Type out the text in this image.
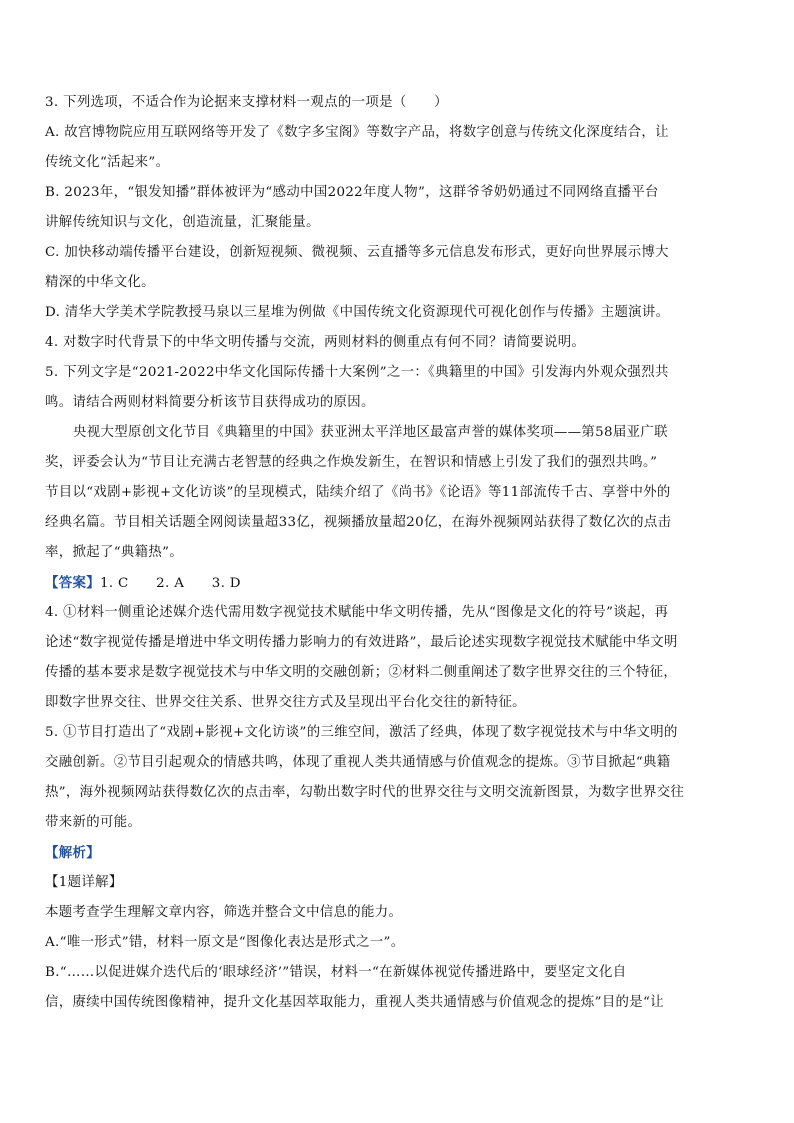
3. 下列选项，不适合作为论据来支撑材料一观点的一项是（　　）
A. 故宫博物院应用互联网络等开发了《数字多宝阁》等数字产品，将数字创意与传统文化深度结合，让
传统文化“活起来”。
B. 2023年，“银发知播”群体被评为“感动中国2022年度人物”，这群爷爷奶奶通过不同网络直播平台
讲解传统知识与文化，创造流量，汇聚能量。
C. 加快移动端传播平台建设，创新短视频、微视频、云直播等多元信息发布形式，更好向世界展示博大
精深的中华文化。
D. 清华大学美术学院教授马泉以三星堆为例做《中国传统文化资源现代可视化创作与传播》主题演讲。
4. 对数字时代背景下的中华文明传播与交流，两则材料的侧重点有何不同？请简要说明。
5. 下列文字是“2021-2022中华文化国际传播十大案例”之一：《典籍里的中国》引发海内外观众强烈共
鸣。请结合两则材料简要分析该节目获得成功的原因。
央视大型原创文化节目《典籍里的中国》获亚洲太平洋地区最富声誉的媒体奖项——第58届亚广联
奖，评委会认为“节目让充满古老智慧的经典之作焕发新生，在智识和情感上引发了我们的强烈共鸣。”
节目以“戏剧+影视+文化访谈”的呈现模式，陆续介绍了《尚书》《论语》等11部流传千古、享誉中外的
经典名篇。节目相关话题全网阅读量超33亿，视频播放量超20亿，在海外视频网站获得了数亿次的点击
率，掀起了“典籍热”。
【答案】1. C　　2. A　　3. D
4. ①材料一侧重论述媒介迭代需用数字视觉技术赋能中华文明传播，先从“图像是文化的符号”谈起，再
论述“数字视觉传播是增进中华文明传播力影响力的有效进路”，最后论述实现数字视觉技术赋能中华文明
传播的基本要求是数字视觉技术与中华文明的交融创新；②材料二侧重阐述了数字世界交往的三个特征，
即数字世界交往、世界交往关系、世界交往方式及呈现出平台化交往的新特征。
5. ①节目打造出了“戏剧+影视+文化访谈”的三维空间，激活了经典，体现了数字视觉技术与中华文明的
交融创新。②节目引起观众的情感共鸣，体现了重视人类共通情感与价值观念的提炼。③节目掀起“典籍
热”，海外视频网站获得数亿次的点击率，勾勒出数字时代的世界交往与文明交流新图景，为数字世界交往
带来新的可能。
【解析】
【1题详解】
本题考查学生理解文章内容，筛选并整合文中信息的能力。
A.“唯一形式”错，材料一原文是“图像化表达是形式之一”。
B.“……以促进媒介迭代后的‘眼球经济’”错误，材料一“在新媒体视觉传播进路中，要坚定文化自
信，赓续中国传统图像精神，提升文化基因萃取能力，重视人类共通情感与价值观念的提炼”目的是“让
